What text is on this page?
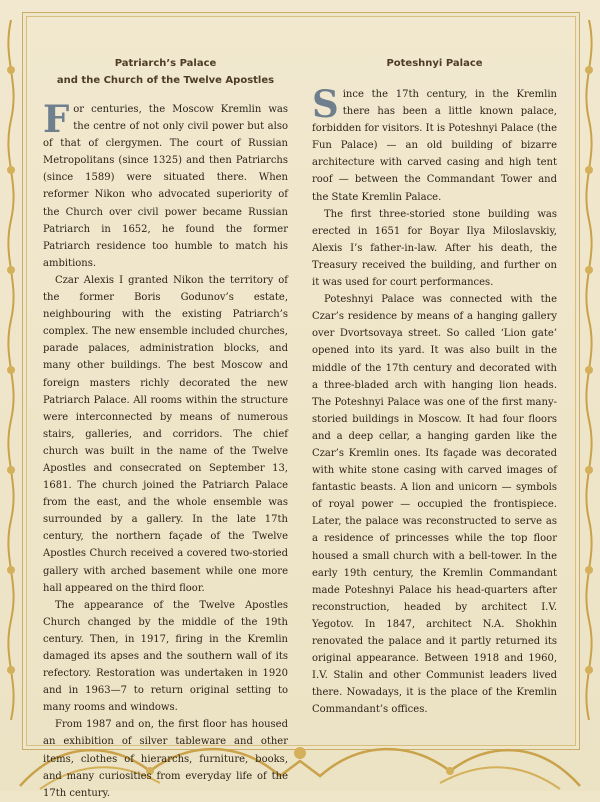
Patriarch’s Palace
and the Church of the Twelve Apostles

For centuries, the Moscow Kremlin was the centre of not only civil power but also of that of clergymen. The court of Russian Metropolitans (since 1325) and then Patriarchs (since 1589) were situated there. When reformer Nikon who advocated superiority of the Church over civil power became Russian Patriarch in 1652, he found the former Patriarch residence too humble to match his ambitions.

Czar Alexis I granted Nikon the territory of the former Boris Godunov’s estate, neighbouring with the existing Patriarch’s complex. The new ensemble included churches, parade palaces, administration blocks, and many other buildings. The best Moscow and foreign masters richly decorated the new Patriarch Palace. All rooms within the structure were interconnected by means of numerous stairs, galleries, and corridors. The chief church was built in the name of the Twelve Apostles and consecrated on September 13, 1681. The church joined the Patriarch Palace from the east, and the whole ensemble was surrounded by a gallery. In the late 17th century, the northern façade of the Twelve Apostles Church received a covered two-storied gallery with arched basement while one more hall appeared on the third floor.

The appearance of the Twelve Apostles Church changed by the middle of the 19th century. Then, in 1917, firing in the Kremlin damaged its apses and the southern wall of its refectory. Restoration was undertaken in 1920 and in 1963—7 to return original setting to many rooms and windows.

From 1987 and on, the first floor has housed an exhibition of silver tableware and other items, clothes of hierarchs, furniture, books, and many curiosities from everyday life of the 17th century.

Poteshnyi Palace

Since the 17th century, in the Kremlin there has been a little known palace, forbidden for visitors. It is Poteshnyi Palace (the Fun Palace) — an old building of bizarre architecture with carved casing and high tent roof — between the Commandant Tower and the State Kremlin Palace.

The first three-storied stone building was erected in 1651 for Boyar Ilya Miloslavskiy, Alexis I’s father-in-law. After his death, the Treasury received the building, and further on it was used for court performances.

Poteshnyi Palace was connected with the Czar’s residence by means of a hanging gallery over Dvortsovaya street. So called ‘Lion gate’ opened into its yard. It was also built in the middle of the 17th century and decorated with a three-bladed arch with hanging lion heads. The Poteshnyi Palace was one of the first many-storied buildings in Moscow. It had four floors and a deep cellar, a hanging garden like the Czar’s Kremlin ones. Its façade was decorated with white stone casing with carved images of fantastic beasts. A lion and unicorn — symbols of royal power — occupied the frontispiece. Later, the palace was reconstructed to serve as a residence of princesses while the top floor housed a small church with a bell-tower. In the early 19th century, the Kremlin Commandant made Poteshnyi Palace his head-quarters after reconstruction, headed by architect I.V. Yegotov. In 1847, architect N.A. Shokhin renovated the palace and it partly returned its original appearance. Between 1918 and 1960, I.V. Stalin and other Communist leaders lived there. Nowadays, it is the place of the Kremlin Commandant’s offices.
